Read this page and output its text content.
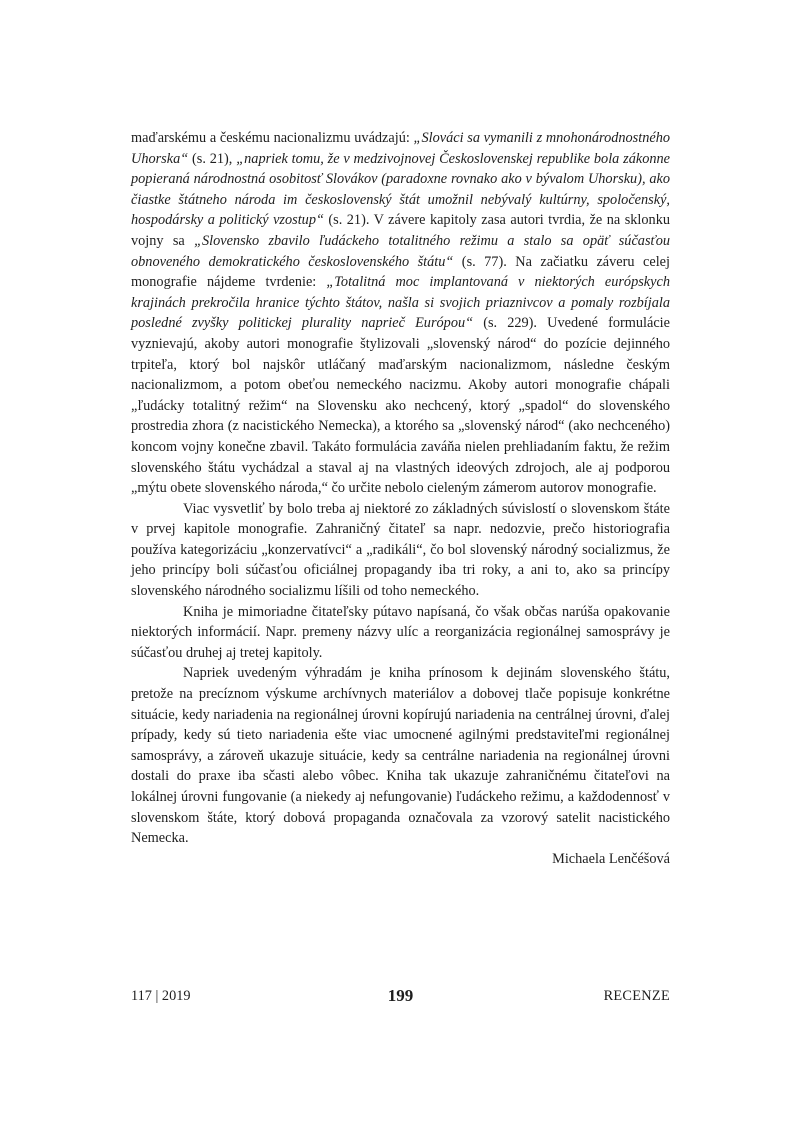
maďarskému a českému nacionalizmu uvádzajú: „Slováci sa vymanili z mnohonárodnostného Uhorska“ (s. 21), „napriek tomu, že v medzivojnovej Československej republike bola zákonne popieraná národnostná osobitosť Slovákov (paradoxne rovnako ako v bývalom Uhorsku), ako čiastke štátneho národa im československý štát umožnil nebývalý kultúrny, spoločenský, hospodársky a politický vzostup“ (s. 21). V závere kapitoly zasa autori tvrdia, že na sklonku vojny sa „Slovensko zbavilo ľudáckeho totalitného režimu a stalo sa opäť súčasťou obnoveného demokratického československého štátu“ (s. 77). Na začiatku záveru celej monografie nájdeme tvrdenie: „Totalitná moc implantovaná v niektorých európskych krajinách prekročila hranice týchto štátov, našla si svojich priaznivcov a pomaly rozbíjala posledné zvyšky politickej plurality naprieč Európou“ (s. 229). Uvedené formulácie vyznievajú, akoby autori monografie štylizovali „slovenský národ“ do pozície dejinného trpiteľa, ktorý bol najskôr utláčaný maďarským nacionalizmom, následne českým nacionalizmom, a potom obeťou nemeckého nacizmu. Akoby autori monografie chápali „ľudácky totalitný režim“ na Slovensku ako nechcený, ktorý „spadol“ do slovenského prostredia zhora (z nacistického Nemecka), a ktorého sa „slovenský národ“ (ako nechceného) koncom vojny konečne zbavil. Takáto formulácia zaváňa nielen prehliadaním faktu, že režim slovenského štátu vychádzal a staval aj na vlastných ideových zdrojoch, ale aj podporou „mýtu obete slovenského národa,“ čo určite nebolo cieleným zámerom autorov monografie.

Viac vysvetliť by bolo treba aj niektoré zo základných súvislostí o slovenskom štáte v prvej kapitole monografie. Zahraničný čitateľ sa napr. nedozvie, prečo historiografia používa kategorizáciu „konzervatívci“ a „radikáli“, čo bol slovenský národný socializmus, že jeho princípy boli súčasťou oficiálnej propagandy iba tri roky, a ani to, ako sa princípy slovenského národného socializmu líšili od toho nemeckého.

Kniha je mimoriadne čitateľsky pútavo napísaná, čo však občas narúša opakovanie niektorých informácií. Napr. premeny názvy ulíc a reorganizácia regionálnej samosprávy je súčasťou druhej aj tretej kapitoly.

Napriek uvedeným výhradám je kniha prínosom k dejinám slovenského štátu, pretože na precíznom výskume archívnych materiálov a dobovej tlače popisuje konkrétne situácie, kedy nariadenia na regionálnej úrovni kopírujú nariadenia na centrálnej úrovni, ďalej prípady, kedy sú tieto nariadenia ešte viac umocnené agilnými predstaviteľmi regionálnej samosprávy, a zároveň ukazuje situácie, kedy sa centrálne nariadenia na regionálnej úrovni dostali do praxe iba sčasti alebo vôbec. Kniha tak ukazuje zahraničnému čitateľovi na lokálnej úrovni fungovanie (a niekedy aj nefungovanie) ľudáckeho režimu, a každodennosť v slovenskom štáte, ktorý dobová propaganda označovala za vzorový satelit nacistického Nemecka.

Michaela Lenčéšová
117 | 2019	199	RECENZE
